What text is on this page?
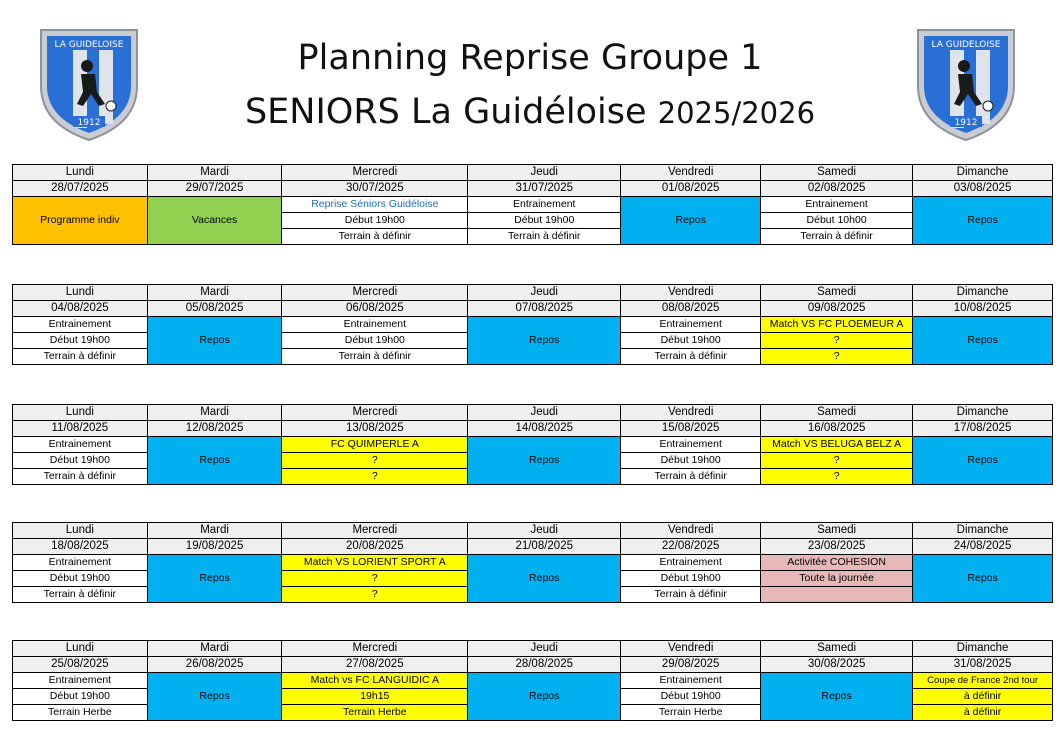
Planning Reprise Groupe 1
SENIORS La Guidéloise 2025/2026
LA GUIDELOISE
1912
LA GUIDELOISE
1912
Lundi	Mardi	Mercredi	Jeudi	Vendredi	Samedi	Dimanche
28/07/2025	29/07/2025	30/07/2025	31/07/2025	01/08/2025	02/08/2025	03/08/2025
Programme indiv	Vacances	Reprise Séniors Guidéloise	Entrainement	Repos	Entrainement	Repos
		Début 19h00	Début 19h00		Début 10h00	
		Terrain à définir	Terrain à définir		Terrain à définir	
Lundi	Mardi	Mercredi	Jeudi	Vendredi	Samedi	Dimanche
04/08/2025	05/08/2025	06/08/2025	07/08/2025	08/08/2025	09/08/2025	10/08/2025
Entrainement	Repos	Entrainement	Repos	Entrainement	Match VS FC PLOEMEUR A	Repos
Début 19h00		Début 19h00		Début 19h00	?	
Terrain à définir		Terrain à définir		Terrain à définir	?	
Lundi	Mardi	Mercredi	Jeudi	Vendredi	Samedi	Dimanche
11/08/2025	12/08/2025	13/08/2025	14/08/2025	15/08/2025	16/08/2025	17/08/2025
Entrainement	Repos	FC QUIMPERLE A	Repos	Entrainement	Match VS BELUGA BELZ A	Repos
Début 19h00		?		Début 19h00	?	
Terrain à définir		?		Terrain à définir	?	
Lundi	Mardi	Mercredi	Jeudi	Vendredi	Samedi	Dimanche
18/08/2025	19/08/2025	20/08/2025	21/08/2025	22/08/2025	23/08/2025	24/08/2025
Entrainement	Repos	Match VS LORIENT SPORT A	Repos	Entrainement	Activitée COHESION	Repos
Début 19h00		?		Début 19h00	Toute la journée	
Terrain à définir		?		Terrain à définir		
Lundi	Mardi	Mercredi	Jeudi	Vendredi	Samedi	Dimanche
25/08/2025	26/08/2025	27/08/2025	28/08/2025	29/08/2025	30/08/2025	31/08/2025
Entrainement	Repos	Match vs FC LANGUIDIC A	Repos	Entrainement	Repos	Coupe de France 2nd tour
Début 19h00		19h15		Début 19h00		à définir
Terrain Herbe		Terrain Herbe		Terrain Herbe		à définir
